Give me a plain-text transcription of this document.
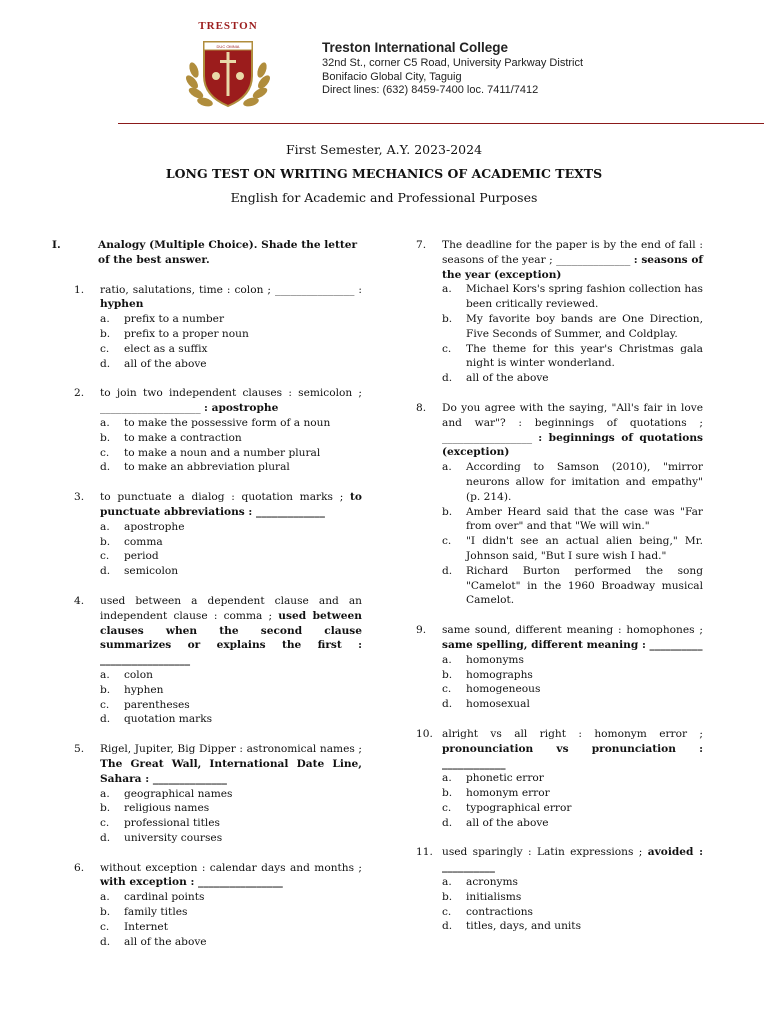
TRESTON
DUC OMNIA	Treston International College
32nd St., corner C5 Road, University Parkway District
Bonifacio Global City, Taguig
Direct lines: (632) 8459-7400 loc. 7411/7412
First Semester, A.Y. 2023-2024
LONG TEST ON WRITING MECHANICS OF ACADEMIC TEXTS
English for Academic and Professional Purposes
I.	Analogy (Multiple Choice). Shade the letter of the best answer.
1.	ratio, salutations, time : colon ; _______________ : hyphen
a.	prefix to a number
b.	prefix to a proper noun
c.	elect as a suffix
d.	all of the above
2.	to join two independent clauses : semicolon ; ___________________ : apostrophe
a.	to make the possessive form of a noun
b.	to make a contraction
c.	to make a noun and a number plural
d.	to make an abbreviation plural
3.	to punctuate a dialog : quotation marks ; to punctuate abbreviations : _____________
a.	apostrophe
b.	comma
c.	period
d.	semicolon
4.	used between a dependent clause and an independent clause : comma ; used between clauses when the second clause summarizes or explains the first : _________________
a.	colon
b.	hyphen
c.	parentheses
d.	quotation marks
5.	Rigel, Jupiter, Big Dipper : astronomical names ; The Great Wall, International Date Line, Sahara : ______________
a.	geographical names
b.	religious names
c.	professional titles
d.	university courses
6.	without exception : calendar days and months ; with exception : ________________
a.	cardinal points
b.	family titles
c.	Internet
d.	all of the above
7.	The deadline for the paper is by the end of fall : seasons of the year ; ______________ : seasons of the year (exception)
a.	Michael Kors's spring fashion collection has been critically reviewed.
b.	My favorite boy bands are One Direction, Five Seconds of Summer, and Coldplay.
c.	The theme for this year's Christmas gala night is winter wonderland.
d.	all of the above
8.	Do you agree with the saying, "All's fair in love and war"? : beginnings of quotations ; _________________ : beginnings of quotations (exception)
a.	According to Samson (2010), "mirror neurons allow for imitation and empathy" (p. 214).
b.	Amber Heard said that the case was "Far from over" and that "We will win."
c.	"I didn't see an actual alien being," Mr. Johnson said, "But I sure wish I had."
d.	Richard Burton performed the song "Camelot" in the 1960 Broadway musical Camelot.
9.	same sound, different meaning : homophones ; same spelling, different meaning : __________
a.	homonyms
b.	homographs
c.	homogeneous
d.	homosexual
10. alright vs all right : homonym error ; pronounciation vs pronunciation : ____________
a.	phonetic error
b.	homonym error
c.	typographical error
d.	all of the above
11. used sparingly : Latin expressions ; avoided : __________
a.	acronyms
b.	initialisms
c.	contractions
d.	titles, days, and units
